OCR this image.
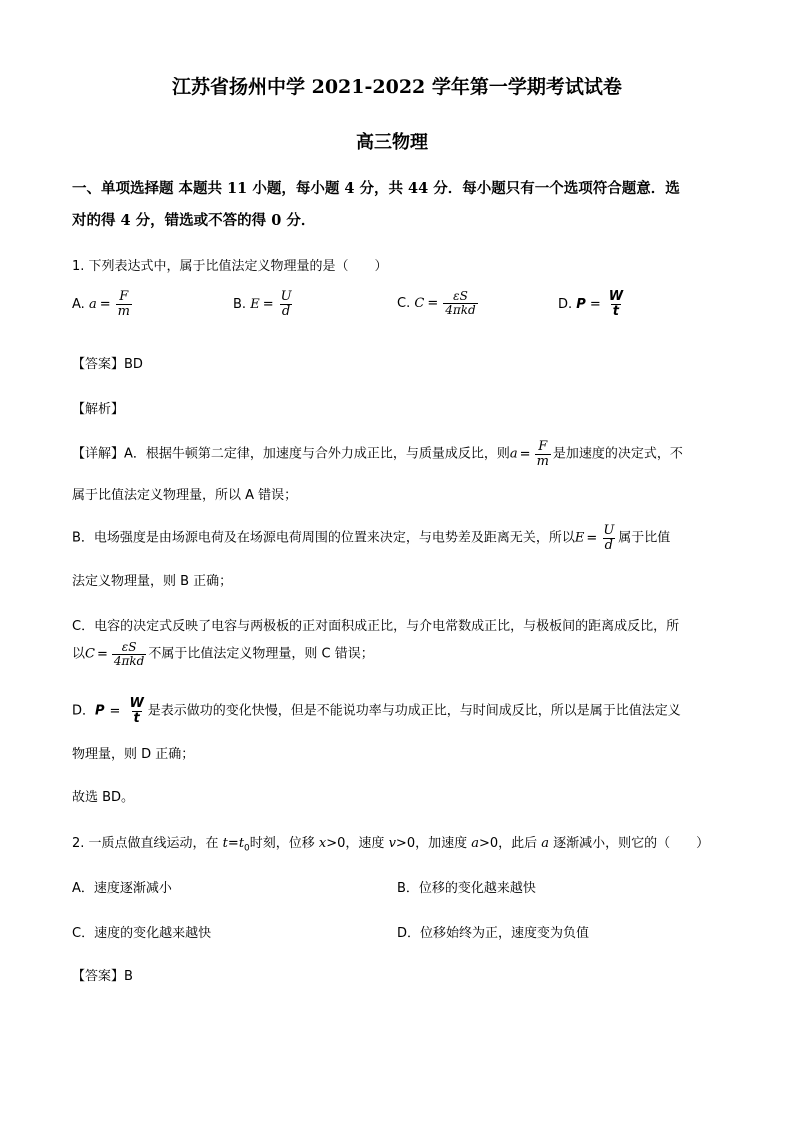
江苏省扬州中学 2021-2022 学年第一学期考试试卷
高三物理
一、单项选择题 本题共 11 小题，每小题 4 分，共 44 分．每小题只有一个选项符合题意．选
对的得 4 分，错选或不答的得 0 分．
1. 下列表达式中，属于比值法定义物理量的是（　　）
A.
$a = \frac{F}{m}$	B.
$E = \frac{U}{d}$	C.
$C = \frac{\varepsilon S}{\text{4πkd}}$	D.
$P = \frac{W}{t}$
【答案】BD
【解析】
【详解】A．根据牛顿第二定律，加速度与合外力成正比，与质量成反比，则$a = \frac{F}{m}$ 是加速度的决定式，不
属于比值法定义物理量，所以 A 错误；
B．电场强度是由场源电荷及在场源电荷周围的位置来决定，与电势差及距离无关，所以$E = \frac{U}{d}$ 属于比值
法定义物理量，则 B 正确；
C．电容的决定式反映了电容与两极板的正对面积成正比，与介电常数成正比，与极板间的距离成反比，所
以$C = \frac{\varepsilon S}{\text{4πkd}}$ 不属于比值法定义物理量，则 C 错误；
D．$P = \frac{W}{t}$ 是表示做功的变化快慢，但是不能说功率与功成正比，与时间成反比，所以是属于比值法定义
物理量，则 D 正确；
故选 BD。
2. 一质点做直线运动，在 $t=t_0$时刻，位移 x>0，速度 v>0，加速度 a>0，此后 a 逐渐减小，则它的（　　）
A．速度逐渐减小	B．位移的变化越来越快
C．速度的变化越来越快	D．位移始终为正，速度变为负值
【答案】B
